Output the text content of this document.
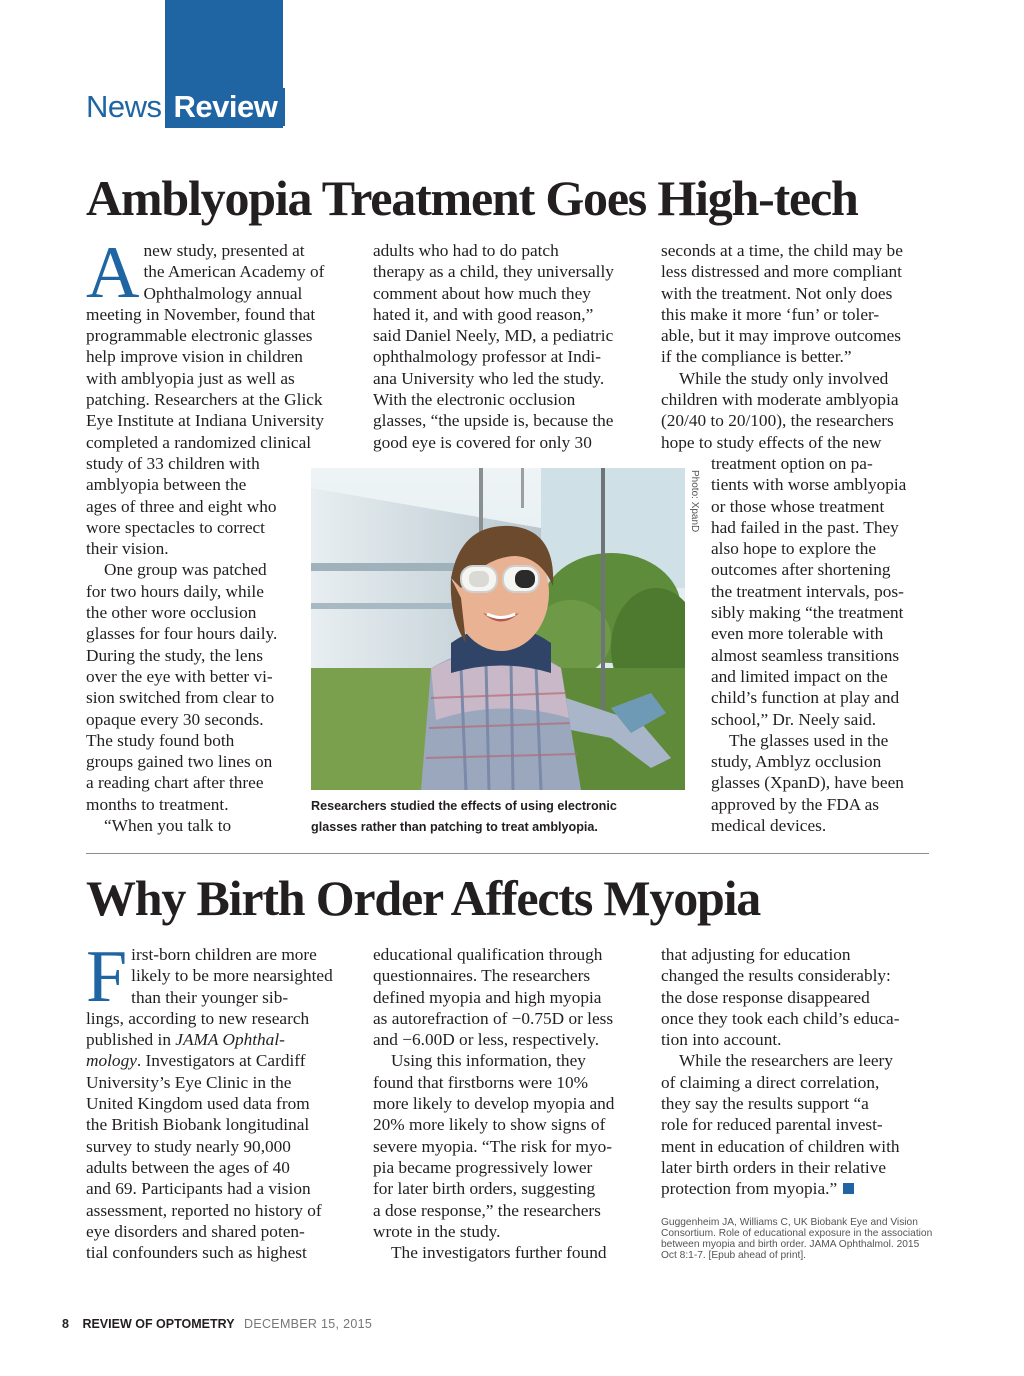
News Review
Amblyopia Treatment Goes High-tech

A new study, presented at
the American Academy of
Ophthalmology annual
meeting in November, found that
programmable electronic glasses
help improve vision in children
with amblyopia just as well as
patching. Researchers at the Glick
Eye Institute at Indiana University
completed a randomized clinical
study of 33 children with
amblyopia between the
ages of three and eight who
wore spectacles to correct
their vision.

One group was patched

for two hours daily, while
the other wore occlusion
glasses for four hours daily.
During the study, the lens
over the eye with better vi-
sion switched from clear to
opaque every 30 seconds.
The study found both
groups gained two lines on
a reading chart after three
months to treatment.

“When you talk to

adults who had to do patch
therapy as a child, they universally
comment about how much they
hated it, and with good reason,”
said Daniel Neely, MD, a pediatric
ophthalmology professor at Indi-
ana University who led the study.
With the electronic occlusion
glasses, “the upside is, because the
good eye is covered for only 30

seconds at a time, the child may be
less distressed and more compliant
with the treatment. Not only does
this make it more ‘fun’ or toler-
able, but it may improve outcomes
if the compliance is better.”

While the study only involved
children with moderate amblyopia
(20/40 to 20/100), the researchers
hope to study effects of the new

treatment option on pa-
tients with worse amblyopia
or those whose treatment
had failed in the past. They
also hope to explore the
outcomes after shortening
the treatment intervals, pos-
sibly making “the treatment
even more tolerable with
almost seamless transitions
and limited impact on the
child’s function at play and
school,” Dr. Neely said.

The glasses used in the
study, Amblyz occlusion
glasses (XpanD), have been
approved by the FDA as
medical devices.

Photo: XpanD
Researchers studied the effects of using electronic
glasses rather than patching to treat amblyopia.
Why Birth Order Affects Myopia

F irst-born children are more
likely to be more nearsighted
than their younger sib-
lings, according to new research
published in JAMA Ophthal-
mology. Investigators at Cardiff
University’s Eye Clinic in the
United Kingdom used data from
the British Biobank longitudinal
survey to study nearly 90,000
adults between the ages of 40
and 69. Participants had a vision
assessment, reported no history of
eye disorders and shared poten-
tial confounders such as highest

educational qualification through
questionnaires. The researchers
defined myopia and high myopia
as autorefraction of −0.75D or less
and −6.00D or less, respectively.

Using this information, they
found that firstborns were 10%
more likely to develop myopia and
20% more likely to show signs of
severe myopia. “The risk for myo-
pia became progressively lower
for later birth orders, suggesting
a dose response,” the researchers
wrote in the study.

The investigators further found

that adjusting for education
changed the results considerably:
the dose response disappeared
once they took each child’s educa-
tion into account.

While the researchers are leery
of claiming a direct correlation,
they say the results support “a
role for reduced parental invest-
ment in education of children with
later birth orders in their relative
protection from myopia.”

Guggenheim JA, Williams C, UK Biobank Eye and Vision
Consortium. Role of educational exposure in the association
between myopia and birth order. JAMA Ophthalmol. 2015
Oct 8:1-7. [Epub ahead of print].
8 REVIEW OF OPTOMETRY DECEMBER 15, 2015
